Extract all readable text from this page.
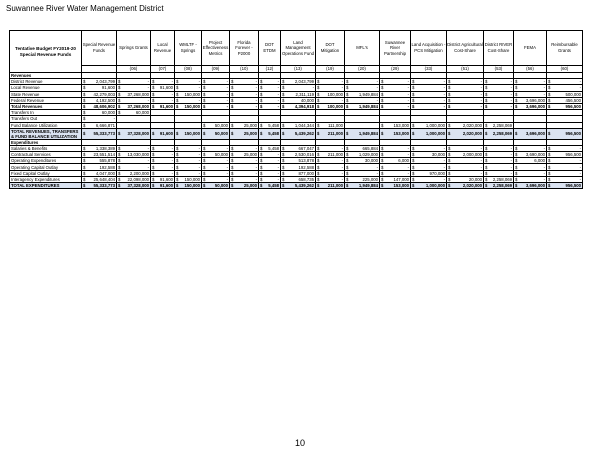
Suwannee River Water Management District
Tentative Budget FY2019-20 Special Revenue Funds	Special Revenue Funds	Springs Grants	Local Revenue	WMLTF - Springs	Project Effectiveness Metrics	Florida Forever - P2000	DOT ETDM	Land Management Operations Fund	DOT Mitigation	MFL's	Suwannee River Partnership	Land Acquisition - PCS Mitigation	District Agricultural Cost-Share	District RIVER Cost-Share	FEMA	Reimbursable Grants
		(06)	(07)	(08)	(09)	(10)	(12)	(13)	(19)	(20)	(29)	(33)	(51)	(53)	(56)	(60)
Revenues																
District Revenue	$ 2,043,799	$ -	$ -	$ -	$ -	$ -	$ -	$ 2,043,799	$ -	$ -	$ -	$ -	$ -	$ -	$ -	$ -

Local Revenue	$ 91,600	$ -	$ 91,600	$ -	$ -	$ -	$ -	$ -	$ -	$ -	$ -	$ -	$ -	$ -	$ -	$ -

State Revenue	$ 42,279,003	$ 37,268,000	$ -	$ 150,000	$ -	$ -	$ -	$ 2,311,119	$ 100,000	$ 1,949,884	$ -	$ -	$ -	$ -	$ -	$ 500,000

Federal Revenue	$ 4,192,500	$ -	$ -	$ -	$ -	$ -	$ -	$ 40,000	$ -	$ -	$ -	$ -	$ -	$ -	$ 3,696,000	$ 456,500

Total Revenues	$ 48,606,902	$ 37,268,000	$ 91,600	$ 150,000	$ -	$ -	$ -	$ 4,394,918	$ 100,000	$ 1,949,884	$ -	$ -	$ -	$ -	$ 3,696,000	$ 956,500

Transfers In	$ 60,000	$ 60,000														

Transfers Out	$ -															

Fund Balance Utilization	$ 6,666,871				$ 50,000	$ 25,000	$ 5,458	$ 1,044,344	$ 111,000		$ 153,000	$ 1,000,000	$ 2,020,000	$ 2,258,069		

TOTAL REVENUES, TRANSFERS & FUND BALANCE UTILIZATION	$ 55,333,773	$ 37,328,000	$ 91,600	$ 150,000	$ 50,000	$ 25,000	$ 5,458	$ 5,439,262	$ 211,000	$ 1,949,884	$ 153,000	$ 1,000,000	$ 2,020,000	$ 2,258,069	$ 3,696,000	$ 956,500

Expenditures																
Salaries & Benefits	$ 1,338,389	$ -	$ -	$ -	$ -	$ -	$ 5,458	$ 667,047	$ -	$ 665,884	$ -	$ -	$ -	$ -	$ -	$ -

Contractual Services	$ 23,551,514	$ 13,030,000	$ -	$ -	$ 50,000	$ 25,000	$ -	$ 2,530,016	$ 211,000	$ 1,029,000	$ -	$ 30,000	$ 2,000,000	$ -	$ 3,690,000	$ 956,500

Operating Expenditures	$ 555,878	$ -	$ -	$ -	$ -	$ -	$ -	$ 513,878	$ -	$ 30,000	$ 6,000	$ -	$ -	$ -	$ 6,000	$ -

Operating Capital Outlay	$ 192,588	$ -	$ -	$ -	$ -	$ -	$ -	$ 192,588	$ -	$ -	$ -	$ -	$ -	$ -	$ -	$ -

Fixed Capital Outlay	$ 4,047,000	$ 2,200,000	$ -	$ -	$ -	$ -	$ -	$ 877,000	$ -	$ -	$ -	$ 970,000	$ -	$ -	$ -	$ -

Interagency Expenditures	$ 25,648,404	$ 22,098,000	$ 91,600	$ 150,000	$ -	$ -	$ -	$ 658,735	$ -	$ 225,000	$ 147,000	$ -	$ 20,000	$ 2,258,069	$ -	$ -

TOTAL EXPENDITURES	$ 55,333,773	$ 37,328,000	$ 91,600	$ 150,000	$ 50,000	$ 25,000	$ 5,458	$ 5,439,262	$ 211,000	$ 1,949,884	$ 153,000	$ 1,000,000	$ 2,020,000	$ 2,258,069	$ 3,696,000	$ 956,500
10
